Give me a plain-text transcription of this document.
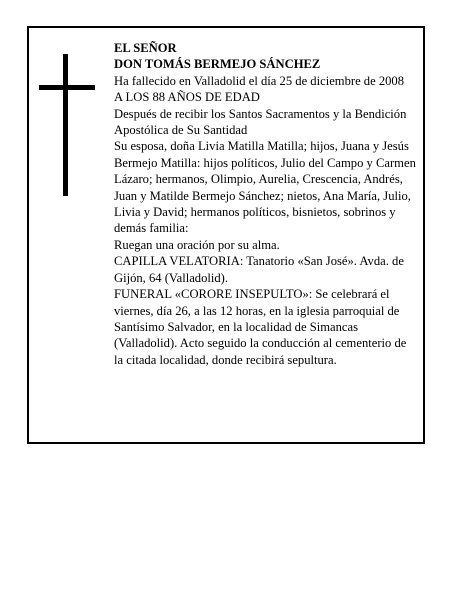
EL SEÑOR

DON TOMÁS BERMEJO SÁNCHEZ

Ha fallecido en Valladolid el día 25 de diciembre de 2008

A LOS 88 AÑOS DE EDAD

Después de recibir los Santos Sacramentos y la Bendición Apostólica de Su Santidad

Su esposa, doña Livia Matilla Matilla; hijos, Juana y Jesús Bermejo Matilla: hijos políticos, Julio del Campo y Carmen Lázaro; hermanos, Olimpio, Aurelia, Crescencia, Andrés, Juan y Matilde Bermejo Sánchez; nietos, Ana María, Julio, Livia y David; hermanos políticos, bisnietos, sobrinos y demás familia:

Ruegan una oración por su alma.

CAPILLA VELATORIA: Tanatorio «San José». Avda. de Gijón, 64 (Valladolid).

FUNERAL «CORORE INSEPULTO»: Se celebrará el viernes, día 26, a las 12 horas, en la iglesia parroquial de Santísimo Salvador, en la localidad de Simancas (Valladolid). Acto seguido la conducción al cementerio de la citada localidad, donde recibirá sepultura.
